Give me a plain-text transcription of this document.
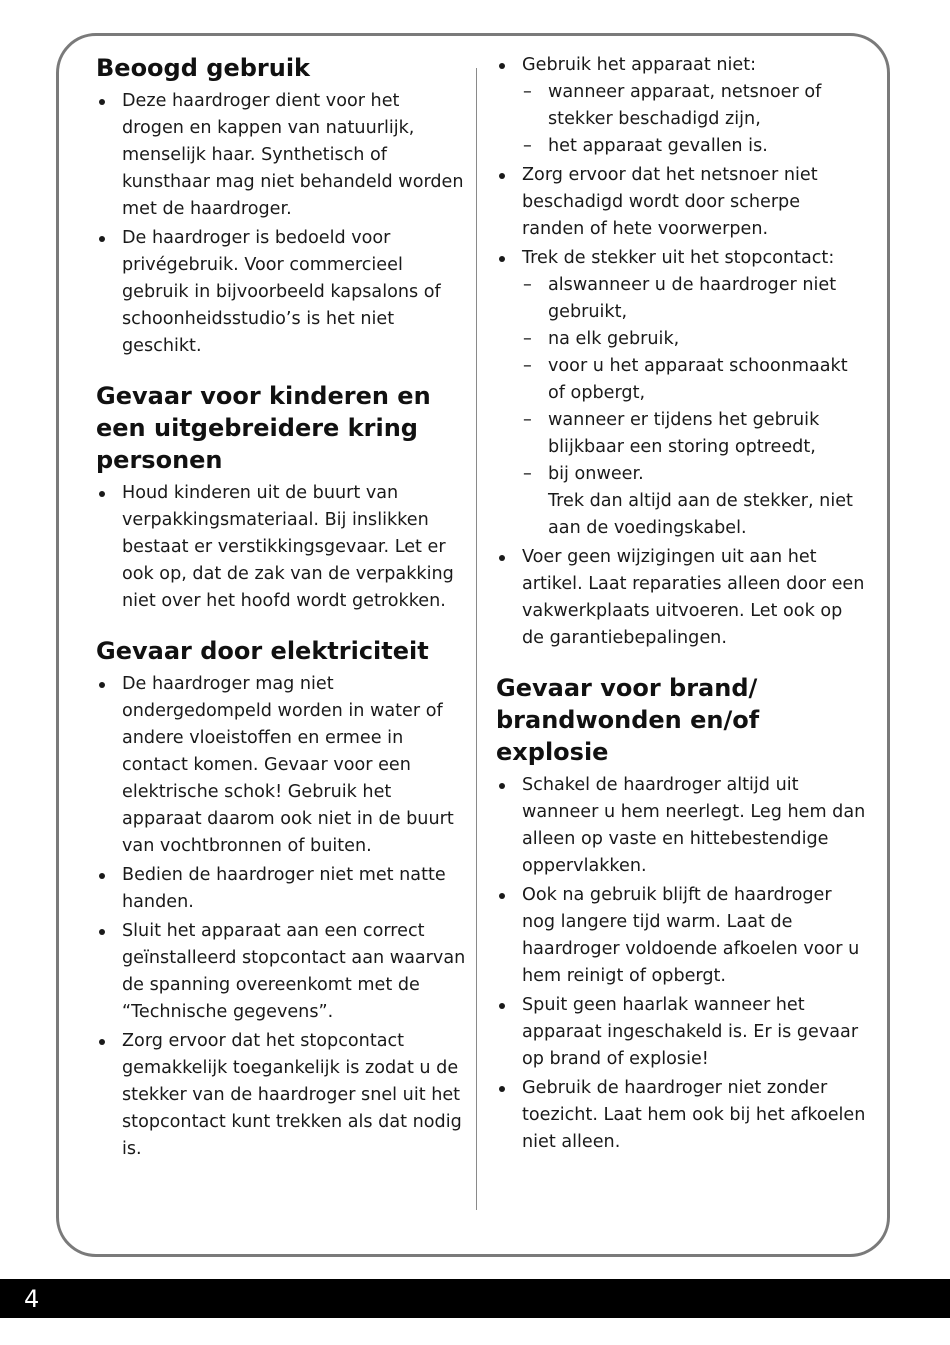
Beoogd gebruik
Deze haardroger dient voor het drogen en kappen van natuurlijk, menselijk haar. Synthetisch of kunsthaar mag niet behandeld worden met de haardroger.
De haardroger is bedoeld voor privégebruik. Voor commercieel gebruik in bijvoorbeeld kapsalons of schoonheidsstudio’s is het niet geschikt.
Gevaar voor kinderen en een uitgebreidere kring personen
Houd kinderen uit de buurt van verpakkingsmateriaal. Bij inslikken bestaat er verstikkingsgevaar. Let er ook op, dat de zak van de verpakking niet over het hoofd wordt getrokken.
Gevaar door elektriciteit
De haardroger mag niet ondergedompeld worden in water of andere vloeistoffen en ermee in contact komen. Gevaar voor een elektrische schok! Gebruik het apparaat daarom ook niet in de buurt van vochtbronnen of buiten.
Bedien de haardroger niet met natte handen.
Sluit het apparaat aan een correct geïnstalleerd stopcontact aan waarvan de spanning overeenkomt met de “Technische gegevens”.
Zorg ervoor dat het stopcontact gemakkelijk toegankelijk is zodat u de stekker van de haardroger snel uit het stopcontact kunt trekken als dat nodig is.
Gebruik het apparaat niet:
– wanneer apparaat, netsnoer of stekker beschadigd zijn,
– het apparaat gevallen is.
Zorg ervoor dat het netsnoer niet beschadigd wordt door scherpe randen of hete voorwerpen.
Trek de stekker uit het stopcontact:
– alswanneer u de haardroger niet gebruikt,
– na elk gebruik,
– voor u het apparaat schoonmaakt of opbergt,
– wanneer er tijdens het gebruik blijkbaar een storing optreedt,
– bij onweer.
Trek dan altijd aan de stekker, niet aan de voedingskabel.
Voer geen wijzigingen uit aan het artikel. Laat reparaties alleen door een vakwerkplaats uitvoeren. Let ook op de garantiebepalingen.
Gevaar voor brand/ brandwonden en/of explosie
Schakel de haardroger altijd uit wanneer u hem neerlegt. Leg hem dan alleen op vaste en hittebestendige oppervlakken.
Ook na gebruik blijft de haardroger nog langere tijd warm. Laat de haardroger voldoende afkoelen voor u hem reinigt of opbergt.
Spuit geen haarlak wanneer het apparaat ingeschakeld is. Er is gevaar op brand of explosie!
Gebruik de haardroger niet zonder toezicht. Laat hem ook bij het afkoelen niet alleen.
4
